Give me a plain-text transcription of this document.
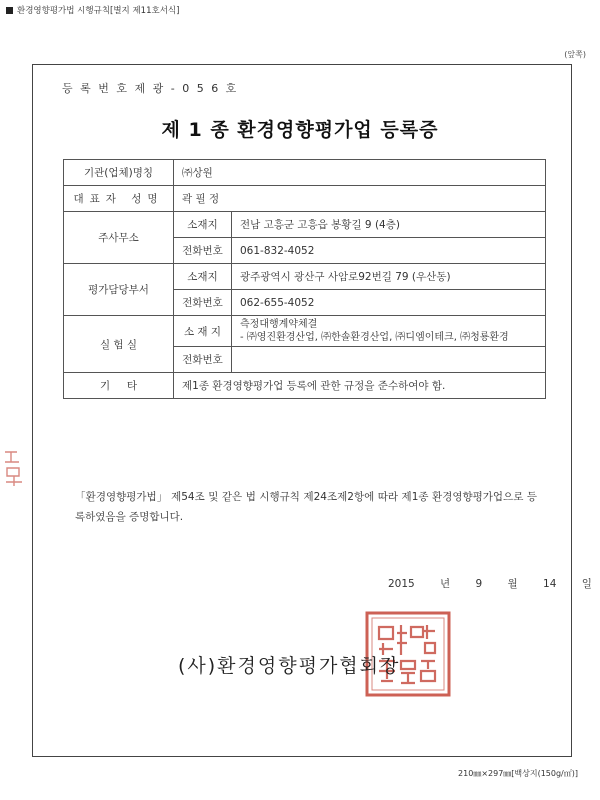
환경영향평가법 시행규칙[별지 제11호서식]
(앞쪽)
등 록 번 호 제 광 - 0 5 6 호
제 1 종 환경영향평가업 등록증
기관(업체)명칭	㈜상원	
대표자 성명	곽 필 정	
주사무소	소재지	전남 고흥군 고흥읍 봉황길 9 (4층)
	전화번호	061-832-4052
평가담당부서	소재지	광주광역시 광산구 사암로92번길 79 (우산동)
	전화번호	062-655-4052
실 험 실	소 재 지	측정대행계약체결
- ㈜영진환경산업, ㈜한솔환경산업, ㈜디엠이테크, ㈜청룡환경

	전화번호	
기     타	제1종 환경영향평가업 등록에 관한 규정을 준수하여야 함.	
「환경영향평가법」 제54조 및 같은 법 시행규칙 제24조제2항에 따라 제1종 환경영향평가업으로 등록하였음을 증명합니다.
2015 년 9 월 14 일
(사)환경영향평가협회장
210㎜×297㎜[백상지(150g/㎡)]
